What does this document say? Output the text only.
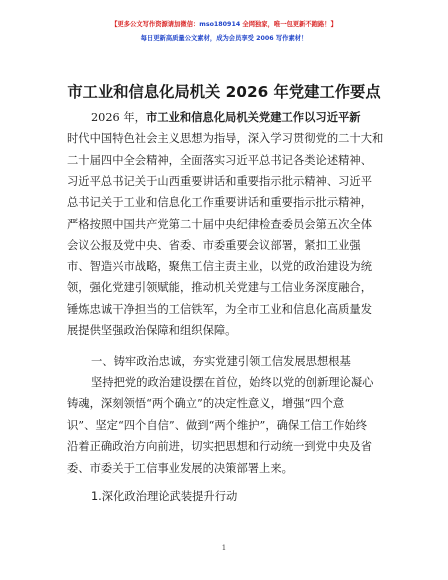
【更多公文写作资源请加微信：mso180914 全网独家，唯一包更新不跑路！】
每日更新高质量公文素材，成为会员享受 2006 写作素材！
市工业和信息化局机关 2026 年党建工作要点
2026 年，市工业和信息化局机关党建工作以习近平新
时代中国特色社会主义思想为指导，深入学习贯彻党的二十大和
二十届四中全会精神，全面落实习近平总书记各类论述精神、
习近平总书记关于山西重要讲话和重要指示批示精神、习近平
总书记关于工业和信息化工作重要讲话和重要指示批示精神，
严格按照中国共产党第二十届中央纪律检查委员会第五次全体
会议公报及党中央、省委、市委重要会议部署，紧扣工业强
市、智造兴市战略，聚焦工信主责主业，以党的政治建设为统
领，强化党建引领赋能，推动机关党建与工信业务深度融合，
锤炼忠诚干净担当的工信铁军，为全市工业和信息化高质量发
展提供坚强政治保障和组织保障。
一、铸牢政治忠诚，夯实党建引领工信发展思想根基
坚持把党的政治建设摆在首位，始终以党的创新理论凝心
铸魂，深刻领悟“两个确立”的决定性意义，增强“四个意
识”、坚定“四个自信”、做到“两个维护”，确保工信工作始终
沿着正确政治方向前进，切实把思想和行动统一到党中央及省
委、市委关于工信事业发展的决策部署上来。
1.深化政治理论武装提升行动
1
